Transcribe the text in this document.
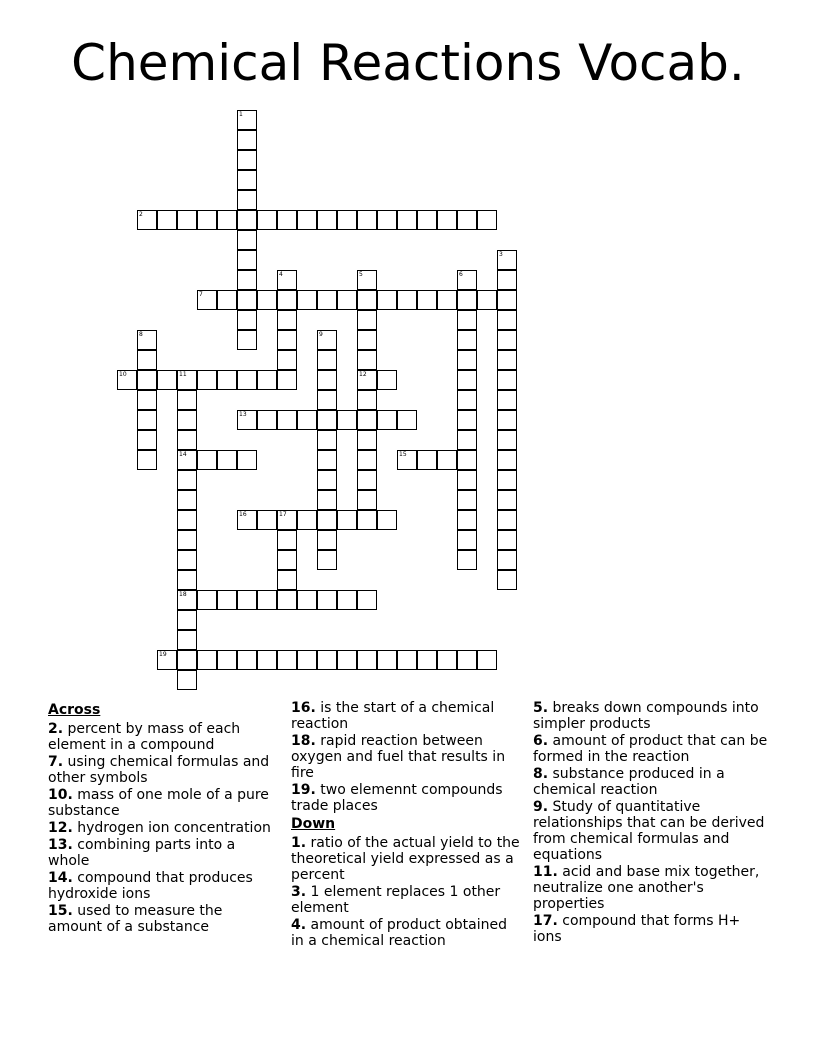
Chemical Reactions Vocab.
2
7
10	11	12
13
14	15
16	17
18
19
1
3
4	5	6
8	9
Across
2. percent by mass of each element in a compound
7. using chemical formulas and other symbols
10. mass of one mole of a pure substance
12. hydrogen ion concentration
13. combining parts into a whole
14. compound that produces hydroxide ions
15. used to measure the amount of a substance
16. is the start of a chemical reaction
18. rapid reaction between oxygen and fuel that results in fire
19. two elemennt compounds trade places
Down
1. ratio of the actual yield to the theoretical yield expressed as a percent
3. 1 element replaces 1 other element
4. amount of product obtained in a chemical reaction
5. breaks down compounds into simpler products
6. amount of product that can be formed in the reaction
8. substance produced in a chemical reaction
9. Study of quantitative relationships that can be derived from chemical formulas and equations
11. acid and base mix together, neutralize one another's properties
17. compound that forms H+ ions
